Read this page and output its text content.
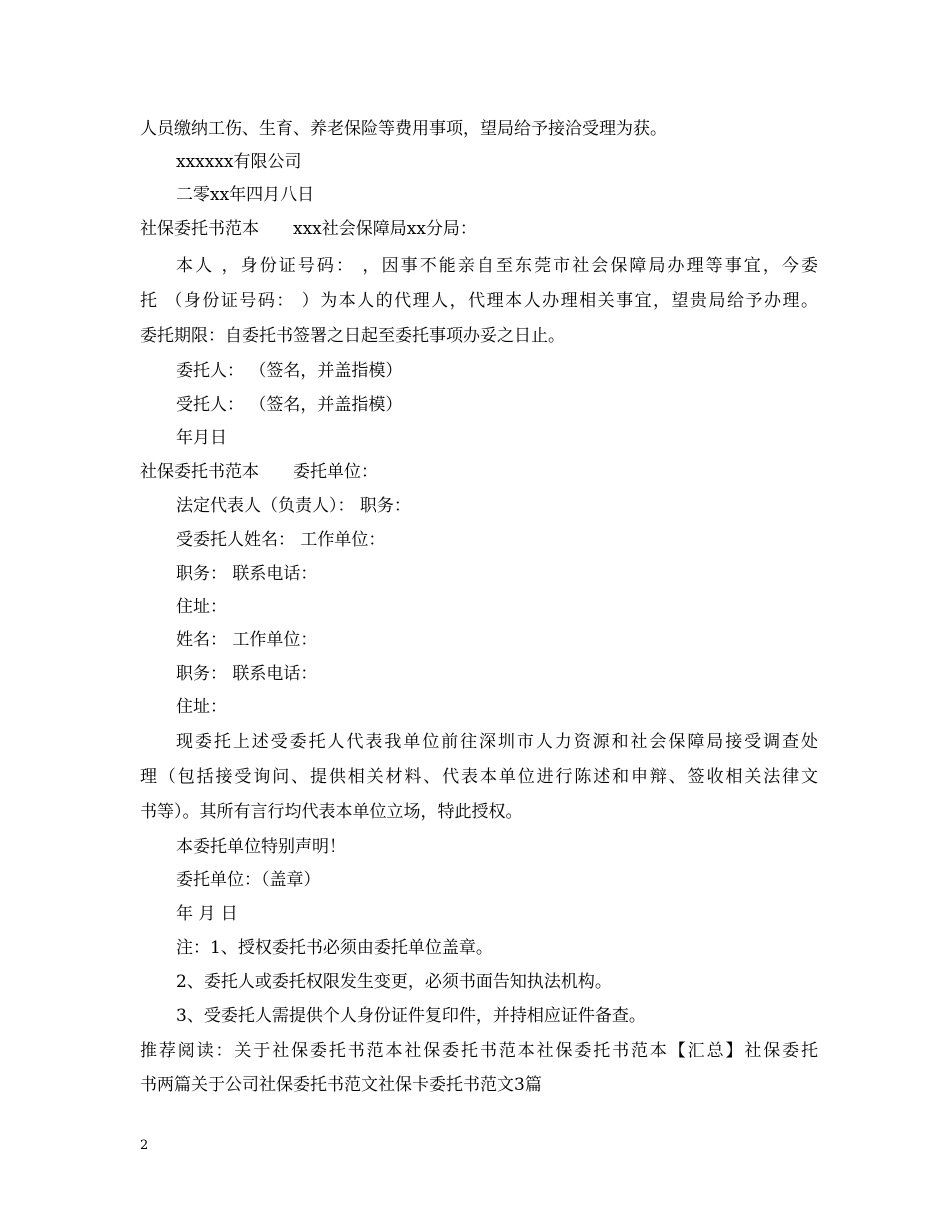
人员缴纳工伤、生育、养老保险等费用事项，望局给予接洽受理为获。
xxxxxx有限公司
二零xx年四月八日
社保委托书范本　　xxx社会保障局xx分局：
本人 ，身份证号码： ，因事不能亲自至东莞市社会保障局办理等事宜，今委
托 （身份证号码： ）为本人的代理人，代理本人办理相关事宜，望贵局给予办理。
委托期限：自委托书签署之日起至委托事项办妥之日止。
委托人： （签名，并盖指模）
受托人： （签名，并盖指模）
年月日
社保委托书范本　　委托单位：
法定代表人（负责人）： 职务：
受委托人姓名： 工作单位：
职务： 联系电话：
住址：
姓名： 工作单位：
职务： 联系电话：
住址：
现委托上述受委托人代表我单位前往深圳市人力资源和社会保障局接受调查处
理（包括接受询问、提供相关材料、代表本单位进行陈述和申辩、签收相关法律文
书等）。其所有言行均代表本单位立场，特此授权。
本委托单位特别声明！
委托单位：（盖章）
年 月 日
注：1、授权委托书必须由委托单位盖章。
2、委托人或委托权限发生变更，必须书面告知执法机构。
3、受委托人需提供个人身份证件复印件，并持相应证件备查。
推荐阅读：关于社保委托书范本社保委托书范本社保委托书范本【汇总】社保委托
书两篇关于公司社保委托书范文社保卡委托书范文3篇
2
